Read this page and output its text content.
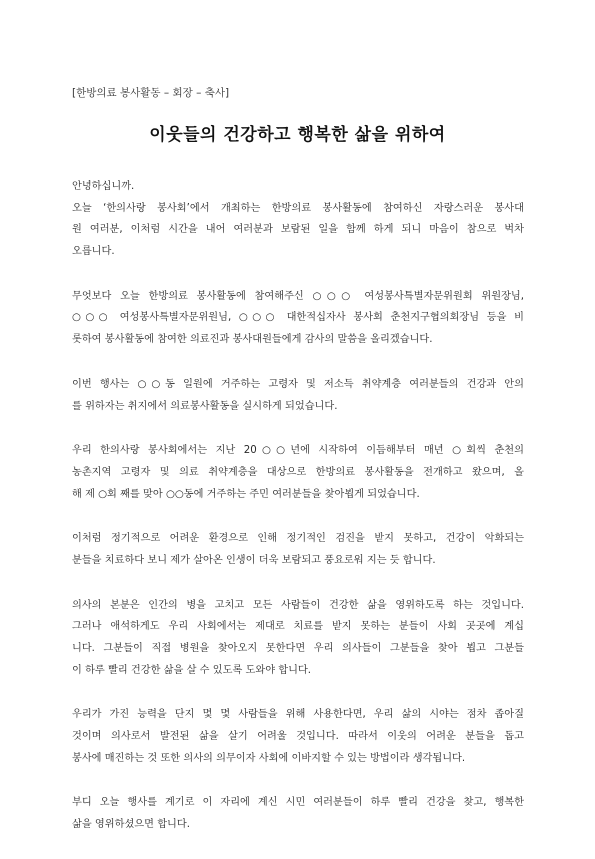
[한방의료 봉사활동 – 회장 – 축사]
이웃들의 건강하고 행복한 삶을 위하여
안녕하십니까.
오늘 ‘한의사랑 봉사회’에서 개최하는 한방의료 봉사활동에 참여하신 자랑스러운 봉사대
원 여러분, 이처럼 시간을 내어 여러분과 보람된 일을 함께 하게 되니 마음이 참으로 벅차
오릅니다.
무엇보다 오늘 한방의료 봉사활동에 참여해주신 ○○○ 여성봉사특별자문위원회 위원장님,
○○○ 여성봉사특별자문위원님, ○○○ 대한적십자사 봉사회 춘천지구협의회장님 등을 비
롯하여 봉사활동에 참여한 의료진과 봉사대원들에게 감사의 말씀을 올리겠습니다.
이번 행사는 ○○동 일원에 거주하는 고령자 및 저소득 취약계층 여러분들의 건강과 안의
를 위하자는 취지에서 의료봉사활동을 실시하게 되었습니다.
우리 한의사랑 봉사회에서는 지난 20○○년에 시작하여 이듬해부터 매년 ○회씩 춘천의
농촌지역 고령자 및 의료 취약계층을 대상으로 한방의료 봉사활동을 전개하고 왔으며, 올
해 제 ○회 째를 맞아 ○○동에 거주하는 주민 여러분들을 찾아뵙게 되었습니다.
이처럼 정기적으로 어려운 환경으로 인해 정기적인 검진을 받지 못하고, 건강이 악화되는
분들을 치료하다 보니 제가 살아온 인생이 더욱 보람되고 풍요로워 지는 듯 합니다.
의사의 본분은 인간의 병을 고치고 모든 사람들이 건강한 삶을 영위하도록 하는 것입니다.
그러나 애석하게도 우리 사회에서는 제대로 치료를 받지 못하는 분들이 사회 곳곳에 계십
니다. 그분들이 직접 병원을 찾아오지 못한다면 우리 의사들이 그분들을 찾아 뵙고 그분들
이 하루 빨리 건강한 삶을 살 수 있도록 도와야 합니다.
우리가 가진 능력을 단지 몇 몇 사람들을 위해 사용한다면, 우리 삶의 시야는 점차 좁아질
것이며 의사로서 발전된 삶을 살기 어려울 것입니다. 따라서 이웃의 어려운 분들을 돕고
봉사에 매진하는 것 또한 의사의 의무이자 사회에 이바지할 수 있는 방법이라 생각됩니다.
부디 오늘 행사를 계기로 이 자리에 계신 시민 여러분들이 하루 빨리 건강을 찾고, 행복한
삶을 영위하셨으면 합니다.
